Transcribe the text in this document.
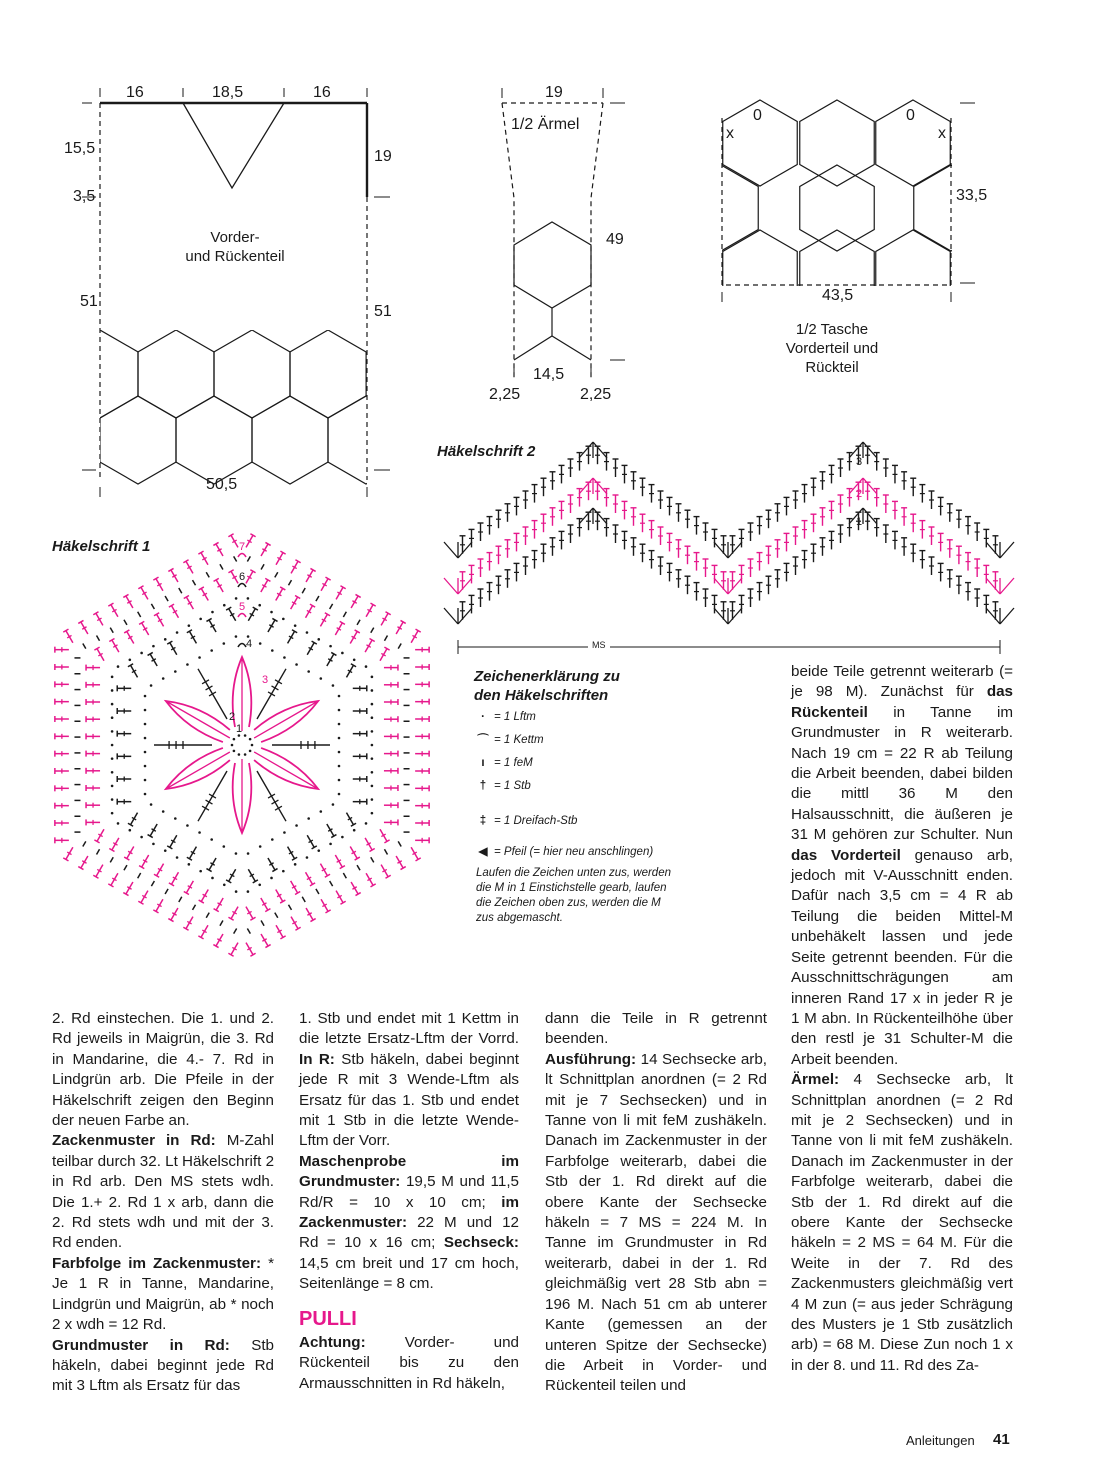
16	18,5	16
15,5
3,5
19
51
51
50,5
Vorder-
und Rückenteil
19
1/2 Ärmel
49
14,5
2,25	2,25
0	0
x	x
33,5
43,5
1/2 Tasche
Vorderteil und
Rückteil
Häkelschrift 1
Häkelschrift 2
7
6
5
4
3
2
1
3
2
1
MS
Zeichenerklärung zu
den Häkelschriften
· = 1 Lftm
⌒ = 1 Kettm
ı = 1 feM
† = 1 Stb
‡ = 1 Dreifach-Stb
◀ = Pfeil (= hier neu anschlingen)
Laufen die Zeichen unten zus, werden
die M in 1 Einstichstelle gearb, laufen
die Zeichen oben zus, werden die M
zus abgemascht.

2. Rd einstechen. Die 1. und 2. Rd jeweils in Maigrün, die 3. Rd in Mandarine, die 4.- 7. Rd in Lindgrün arb. Die Pfeile in der Häkelschrift zeigen den Beginn der neuen Farbe an.

Zackenmuster in Rd: M-Zahl teilbar durch 32. Lt Häkelschrift 2 in Rd arb. Den MS stets wdh. Die 1.+ 2. Rd 1 x arb, dann die 2. Rd stets wdh und mit der 3. Rd enden.

Farbfolge im Zackenmuster: * Je 1 R in Tanne, Mandarine, Lindgrün und Maigrün, ab * noch 2 x wdh = 12 Rd.

Grundmuster in Rd: Stb häkeln, dabei beginnt jede Rd mit 3 Lftm als Ersatz für das

1. Stb und endet mit 1 Kettm in die letzte Ersatz-Lftm der Vorrd. In R: Stb häkeln, dabei beginnt jede R mit 3 Wende-Lftm als Ersatz für das 1. Stb und endet mit 1 Stb in die letzte Wende-Lftm der Vorr.

Maschenprobe im Grundmuster: 19,5 M und 11,5 Rd/R = 10 x 10 cm; im Zackenmuster: 22 M und 12 Rd = 10 x 16 cm; Sechseck: 14,5 cm breit und 17 cm hoch, Seitenlänge = 8 cm.

PULLI

Achtung: Vorder- und Rückenteil bis zu den Armausschnitten in Rd häkeln,

dann die Teile in R getrennt beenden.

Ausführung: 14 Sechsecke arb, lt Schnittplan anordnen (= 2 Rd mit je 7 Sechsecken) und in Tanne von li mit feM zushäkeln. Danach im Zackenmuster in der Farbfolge weiterarb, dabei die Stb der 1. Rd direkt auf die obere Kante der Sechsecke häkeln = 7 MS = 224 M. In Tanne im Grundmuster in Rd weiterarb, dabei in der 1. Rd gleichmäßig vert 28 Stb abn = 196 M. Nach 51 cm ab unterer Kante (gemessen an der unteren Spitze der Sechsecke) die Arbeit in Vorder- und Rückenteil teilen und

beide Teile getrennt weiterarb (= je 98 M). Zunächst für das Rückenteil in Tanne im Grundmuster in R weiterarb. Nach 19 cm = 22 R ab Teilung die Arbeit beenden, dabei bilden die mittl 36 M den Halsausschnitt, die äußeren je 31 M gehören zur Schulter. Nun das Vorderteil genauso arb, jedoch mit V-Ausschnitt enden. Dafür nach 3,5 cm = 4 R ab Teilung die beiden Mittel-M unbehäkelt lassen und jede Seite getrennt beenden. Für die Ausschnittschrägungen am inneren Rand 17 x in jeder R je 1 M abn. In Rückenteilhöhe über den restl je 31 Schulter-M die Arbeit beenden.

Ärmel: 4 Sechsecke arb, lt Schnittplan anordnen (= 2 Rd mit je 2 Sechsecken) und in Tanne von li mit feM zushäkeln. Danach im Zackenmuster in der Farbfolge weiterarb, dabei die Stb der 1. Rd direkt auf die obere Kante der Sechsecke häkeln = 2 MS = 64 M. Für die Weite in der 7. Rd des Zackenmusters gleichmäßig vert 4 M zun (= aus jeder Schrägung des Musters je 1 Stb zusätzlich arb) = 68 M. Diese Zun noch 1 x in der 8. und 11. Rd des Za-

Anleitungen 41
